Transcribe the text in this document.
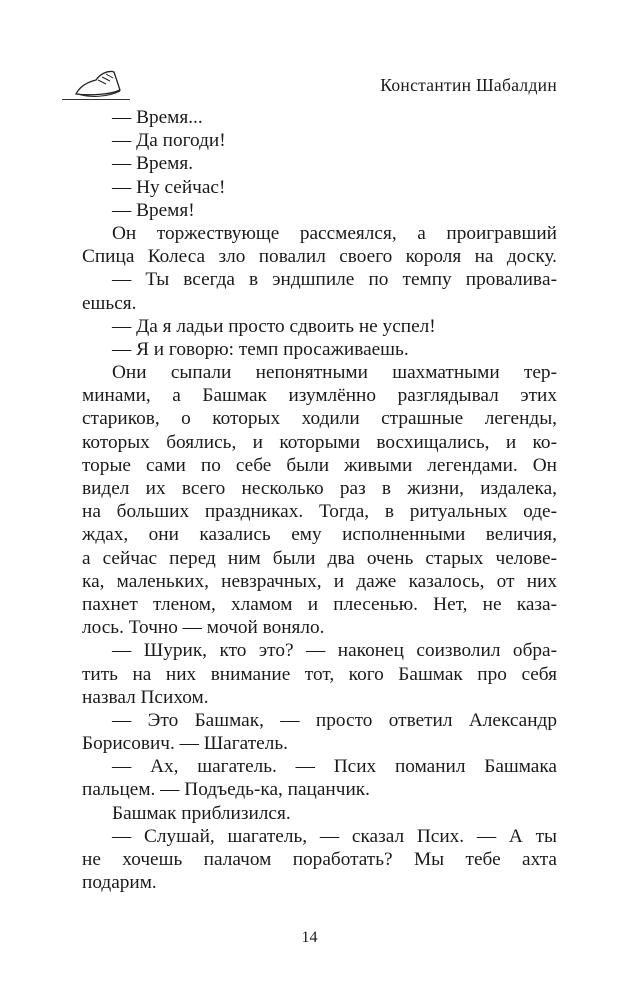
Константин Шабалдин
— Время...
— Да погоди!
— Время.
— Ну сейчас!
— Время!
Он торжествующе рассмеялся, а проигравший
Спица Колеса зло повалил своего короля на доску.
— Ты всегда в эндшпиле по темпу проваливa-
ешься.
— Да я ладьи просто сдвоить не успел!
— Я и говорю: темп просаживаешь.
Они сыпали непонятными шахматными тер-
минами, а Башмак изумлённо разглядывал этих
стариков, о которых ходили страшные легенды,
которых боялись, и которыми восхищались, и ко-
торые сами по себе были живыми легендами. Он
видел их всего несколько раз в жизни, издалека,
на больших праздниках. Тогда, в ритуальных оде-
ждах, они казались ему исполненными величия,
а сейчас перед ним были два очень старых челове-
ка, маленьких, невзрачных, и даже казалось, от них
пахнет тленом, хламом и плесенью. Нет, не каза-
лось. Точно — мочой воняло.
— Шурик, кто это? — наконец соизволил обра-
тить на них внимание тот, кого Башмак про себя
назвал Психом.
— Это Башмак, — просто ответил Александр
Борисович. — Шагатель.
— Ах, шагатель. — Псих поманил Башмака
пальцем. — Подъедь-ка, пацанчик.
Башмак приблизился.
— Слушай, шагатель, — сказал Псих. — А ты
не хочешь палачом поработать? Мы тебе ахта
подарим.
14
